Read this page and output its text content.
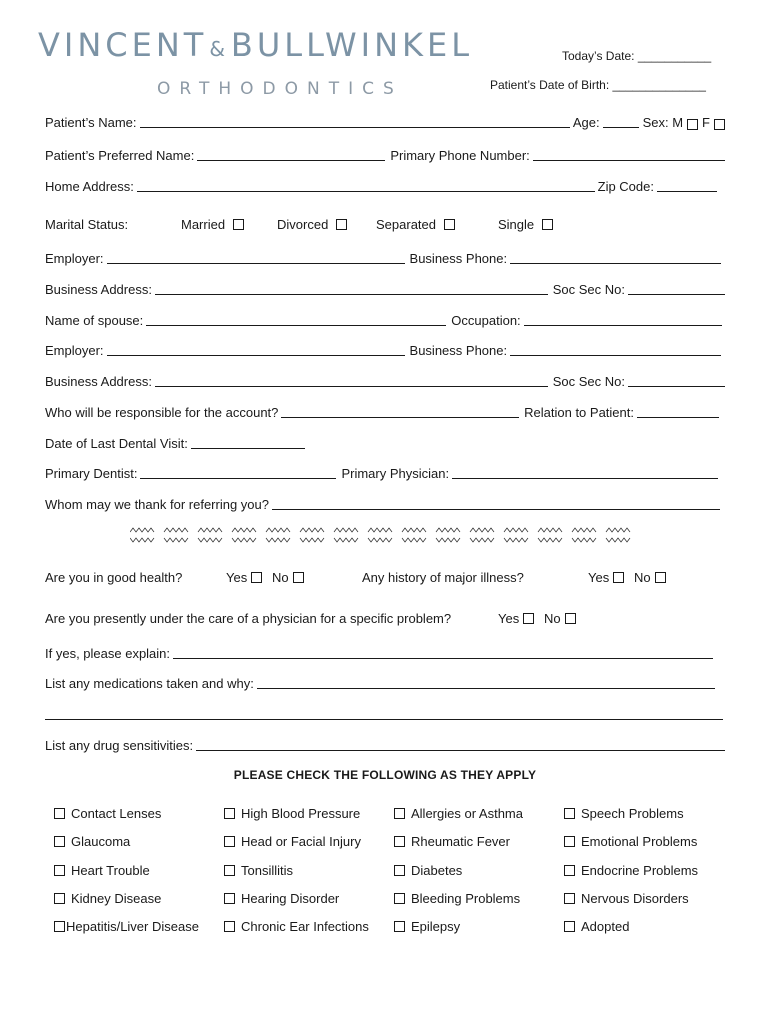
VINCENT & BULLWINKEL
ORTHODONTICS
Today’s Date: ___________
Patient’s Date of Birth: ______________
Patient’s Name:	Age:	Sex: M	F
Patient’s Preferred Name:	Primary Phone Number:
Home Address:	Zip Code:
Marital Status:	Married	Divorced	Separated	Single
Employer:	Business Phone:
Business Address:	Soc Sec No:
Name of spouse:	Occupation:
Employer:	Business Phone:
Business Address:	Soc Sec No:
Who will be responsible for the account?	Relation to Patient:
Date of Last Dental Visit:
Primary Dentist:	Primary Physician:
Whom may we thank for referring you?
Are you in good health?	Yes	No	Any history of major illness?	Yes	No
Are you presently under the care of a physician for a specific problem?	Yes	No
If yes, please explain:
List any medications taken and why:
List any drug sensitivities:
PLEASE CHECK THE FOLLOWING AS THEY APPLY
Contact Lenses
Glaucoma
Heart Trouble
Kidney Disease
Hepatitis/Liver Disease
High Blood Pressure
Head or Facial Injury
Tonsillitis
Hearing Disorder
Chronic Ear Infections
Allergies or Asthma
Rheumatic Fever
Diabetes
Bleeding Problems
Epilepsy
Speech Problems
Emotional Problems
Endocrine Problems
Nervous Disorders
Adopted
